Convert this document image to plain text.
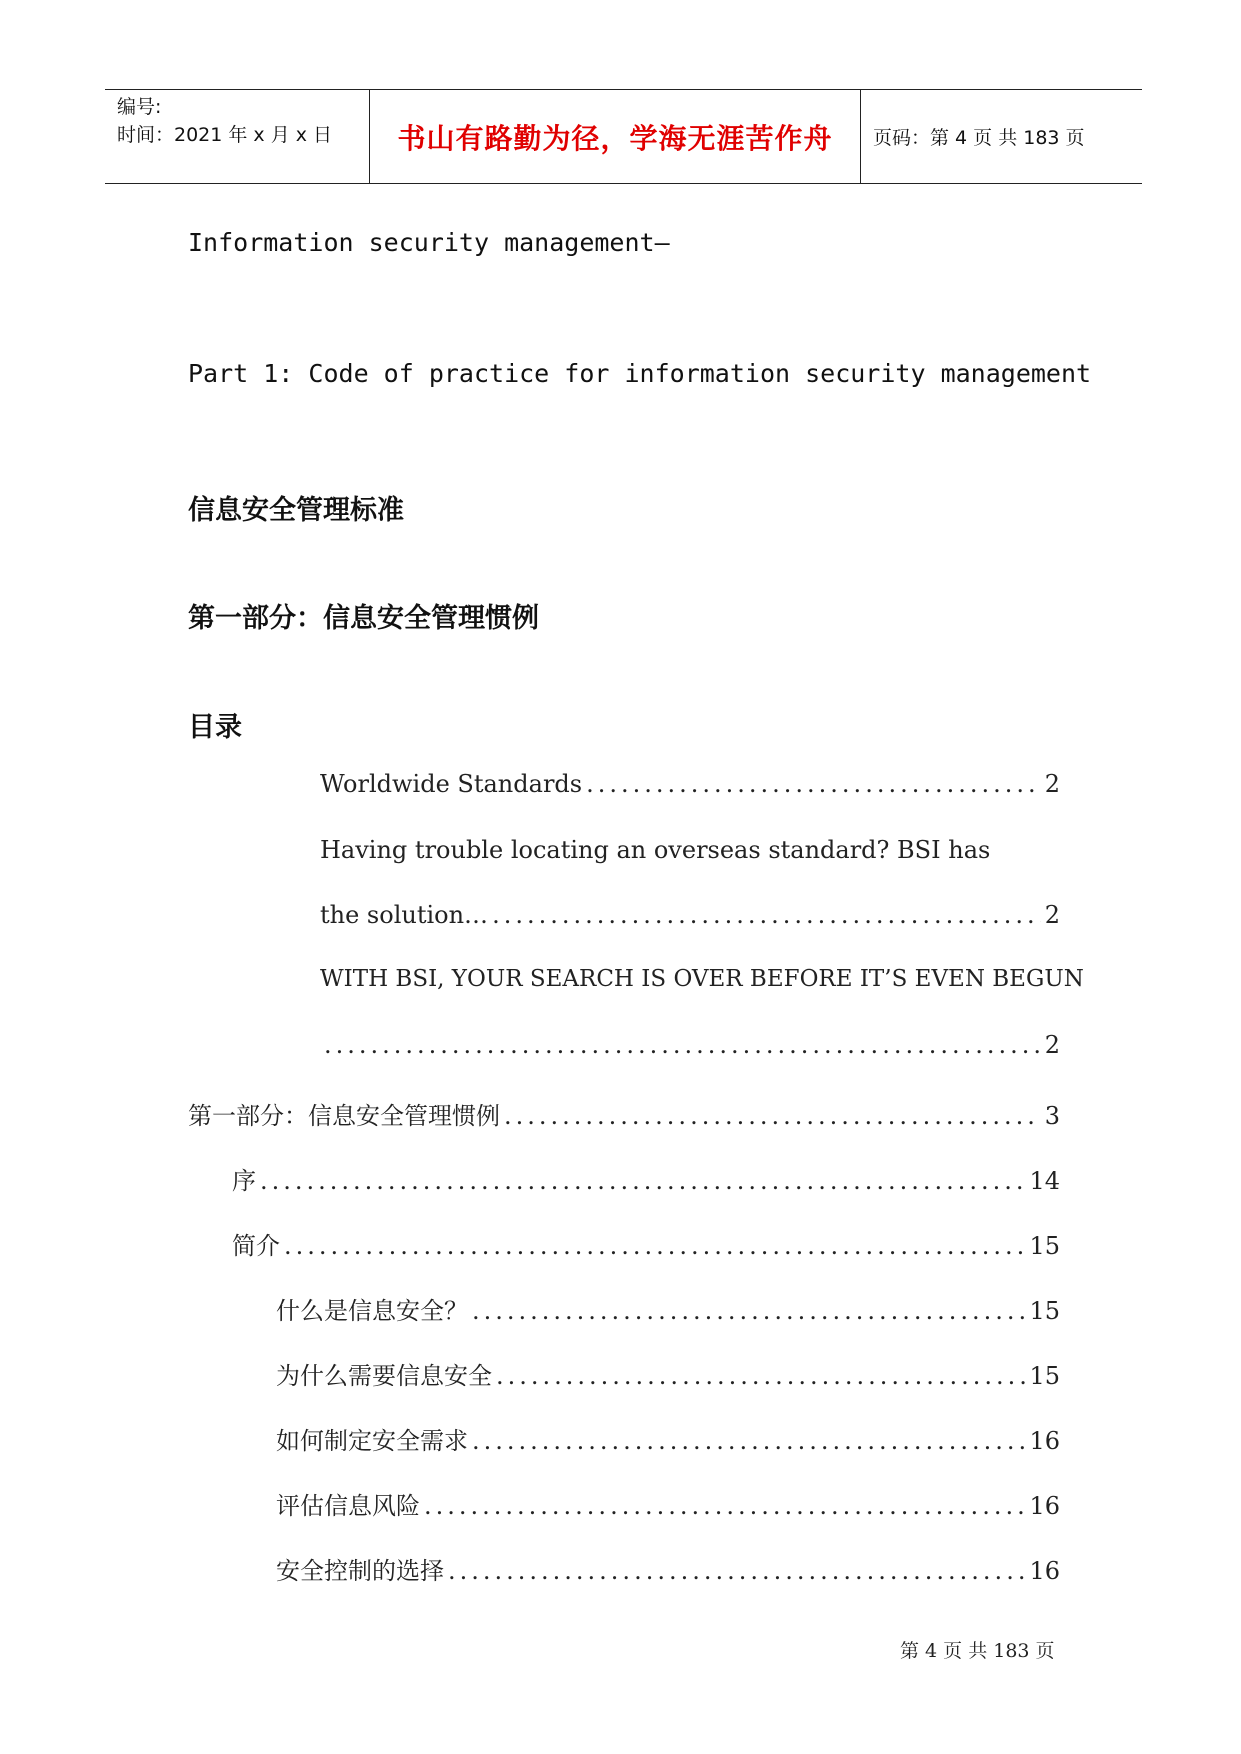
编号:
时间：2021 年 x 月 x 日 书山有路勤为径，学海无涯苦作舟 页码：第 4 页 共 183 页
Information security management—
Part 1: Code of practice for information security management
信息安全管理标准
第一部分：信息安全管理惯例
目录
Worldwide Standards .....	2
Having trouble locating an overseas standard? BSI has
the solution… .....	2
WITH BSI, YOUR SEARCH IS OVER BEFORE IT’S EVEN BEGUN
.....
2
第一部分：信息安全管理惯例 .....	3
序 .....	14
简介 .....	15
什么是信息安全？ .....	15
为什么需要信息安全 .....	15
如何制定安全需求 .....	16
评估信息风险 .....	16
安全控制的选择 .....	16
第 4 页 共 183 页
